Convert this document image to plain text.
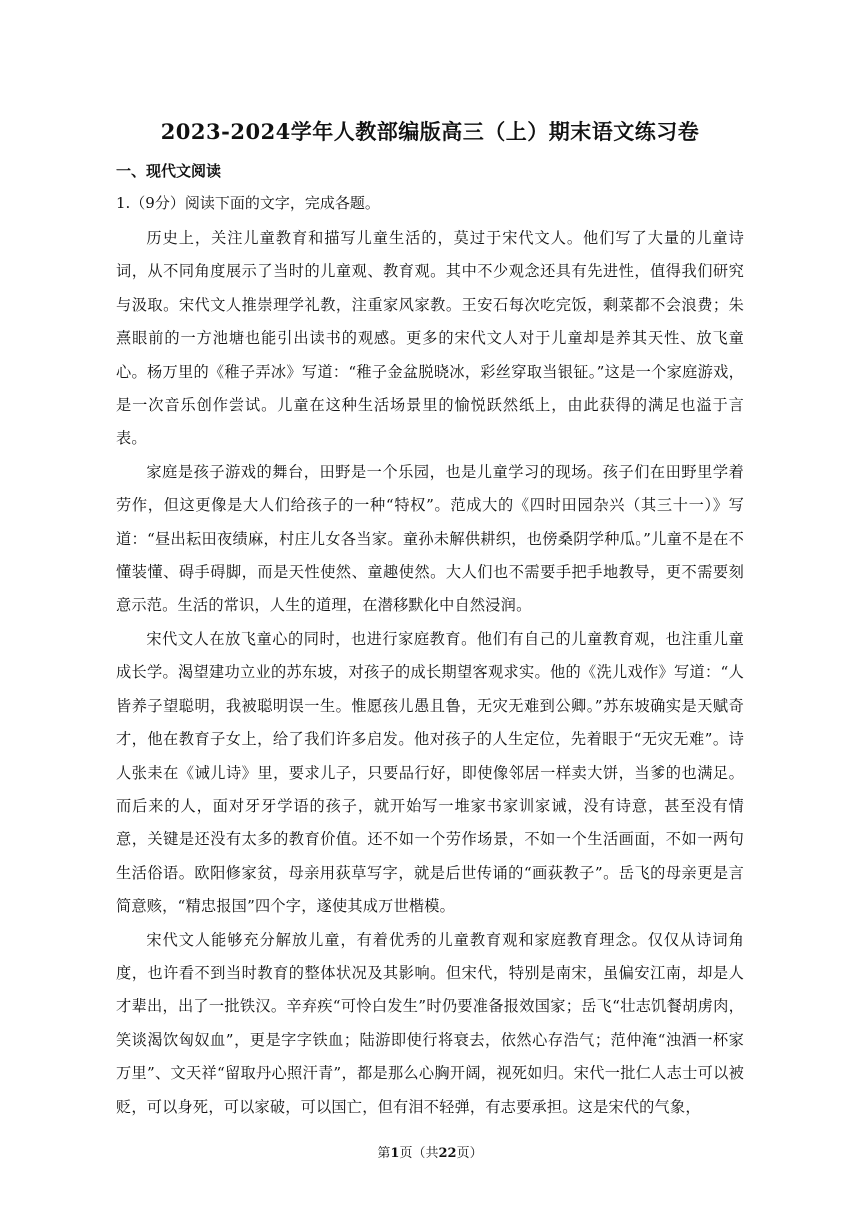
2023-2024学年人教部编版高三（上）期末语文练习卷
一、现代文阅读
1.（9分）阅读下面的文字，完成各题。

历史上，关注儿童教育和描写儿童生活的，莫过于宋代文人。他们写了大量的儿童诗词，从不同角度展示了当时的儿童观、教育观。其中不少观念还具有先进性，值得我们研究与汲取。宋代文人推崇理学礼教，注重家风家教。王安石每次吃完饭，剩菜都不会浪费；朱熹眼前的一方池塘也能引出读书的观感。更多的宋代文人对于儿童却是养其天性、放飞童心。杨万里的《稚子弄冰》写道：“稚子金盆脱晓冰，彩丝穿取当银钲。”这是一个家庭游戏，是一次音乐创作尝试。儿童在这种生活场景里的愉悦跃然纸上，由此获得的满足也溢于言表。

家庭是孩子游戏的舞台，田野是一个乐园，也是儿童学习的现场。孩子们在田野里学着劳作，但这更像是大人们给孩子的一种“特权”。范成大的《四时田园杂兴（其三十一）》写道：“昼出耘田夜绩麻，村庄儿女各当家。童孙未解供耕织，也傍桑阴学种瓜。”儿童不是在不懂装懂、碍手碍脚，而是天性使然、童趣使然。大人们也不需要手把手地教导，更不需要刻意示范。生活的常识，人生的道理，在潜移默化中自然浸润。

宋代文人在放飞童心的同时，也进行家庭教育。他们有自己的儿童教育观，也注重儿童成长学。渴望建功立业的苏东坡，对孩子的成长期望客观求实。他的《洗儿戏作》写道：“人皆养子望聪明，我被聪明误一生。惟愿孩儿愚且鲁，无灾无难到公卿。”苏东坡确实是天赋奇才，他在教育子女上，给了我们许多启发。他对孩子的人生定位，先着眼于“无灾无难”。诗人张耒在《诫儿诗》里，要求儿子，只要品行好，即使像邻居一样卖大饼，当爹的也满足。而后来的人，面对牙牙学语的孩子，就开始写一堆家书家训家诫，没有诗意，甚至没有情意，关键是还没有太多的教育价值。还不如一个劳作场景，不如一个生活画面，不如一两句生活俗语。欧阳修家贫，母亲用荻草写字，就是后世传诵的“画荻教子”。岳飞的母亲更是言简意赅，“精忠报国”四个字，遂使其成万世楷模。

宋代文人能够充分解放儿童，有着优秀的儿童教育观和家庭教育理念。仅仅从诗词角度，也许看不到当时教育的整体状况及其影响。但宋代，特别是南宋，虽偏安江南，却是人才辈出，出了一批铁汉。辛弃疾“可怜白发生”时仍要准备报效国家；岳飞“壮志饥餐胡虏肉，笑谈渴饮匈奴血”，更是字字铁血；陆游即使行将衰去，依然心存浩气；范仲淹“浊酒一杯家万里”、文天祥“留取丹心照汗青”，都是那么心胸开阔，视死如归。宋代一批仁人志士可以被贬，可以身死，可以家破，可以国亡，但有泪不轻弹，有志要承担。这是宋代的气象，

第1页（共22页）
